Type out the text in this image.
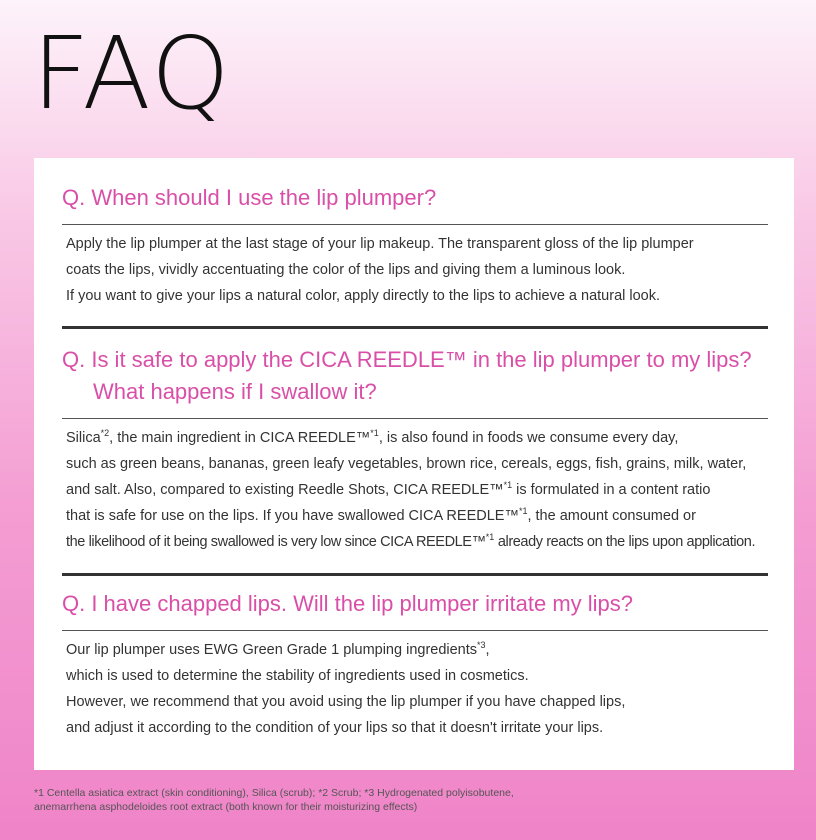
FAQ
Q. When should I use the lip plumper?
Apply the lip plumper at the last stage of your lip makeup. The transparent gloss of the lip plumper
coats the lips, vividly accentuating the color of the lips and giving them a luminous look.
If you want to give your lips a natural color, apply directly to the lips to achieve a natural look.
Q. Is it safe to apply the CICA REEDLE™ in the lip plumper to my lips?
What happens if I swallow it?
Silica$^{*2}$, the main ingredient in CICA REEDLE™$^{*1}$, is also found in foods we consume every day,
such as green beans, bananas, green leafy vegetables, brown rice, cereals, eggs, fish, grains, milk, water,
and salt. Also, compared to existing Reedle Shots, CICA REEDLE™$^{*1}$ is formulated in a content ratio
that is safe for use on the lips. If you have swallowed CICA REEDLE™$^{*1}$, the amount consumed or
the likelihood of it being swallowed is very low since CICA REEDLE™$^{*1}$ already reacts on the lips upon application.
Q. I have chapped lips. Will the lip plumper irritate my lips?
Our lip plumper uses EWG Green Grade 1 plumping ingredients$^{*3}$,
which is used to determine the stability of ingredients used in cosmetics.
However, we recommend that you avoid using the lip plumper if you have chapped lips,
and adjust it according to the condition of your lips so that it doesn't irritate your lips.
*1 Centella asiatica extract (skin conditioning), Silica (scrub); *2 Scrub; *3 Hydrogenated polyisobutene,
anemarrhena asphodeloides root extract (both known for their moisturizing effects)
